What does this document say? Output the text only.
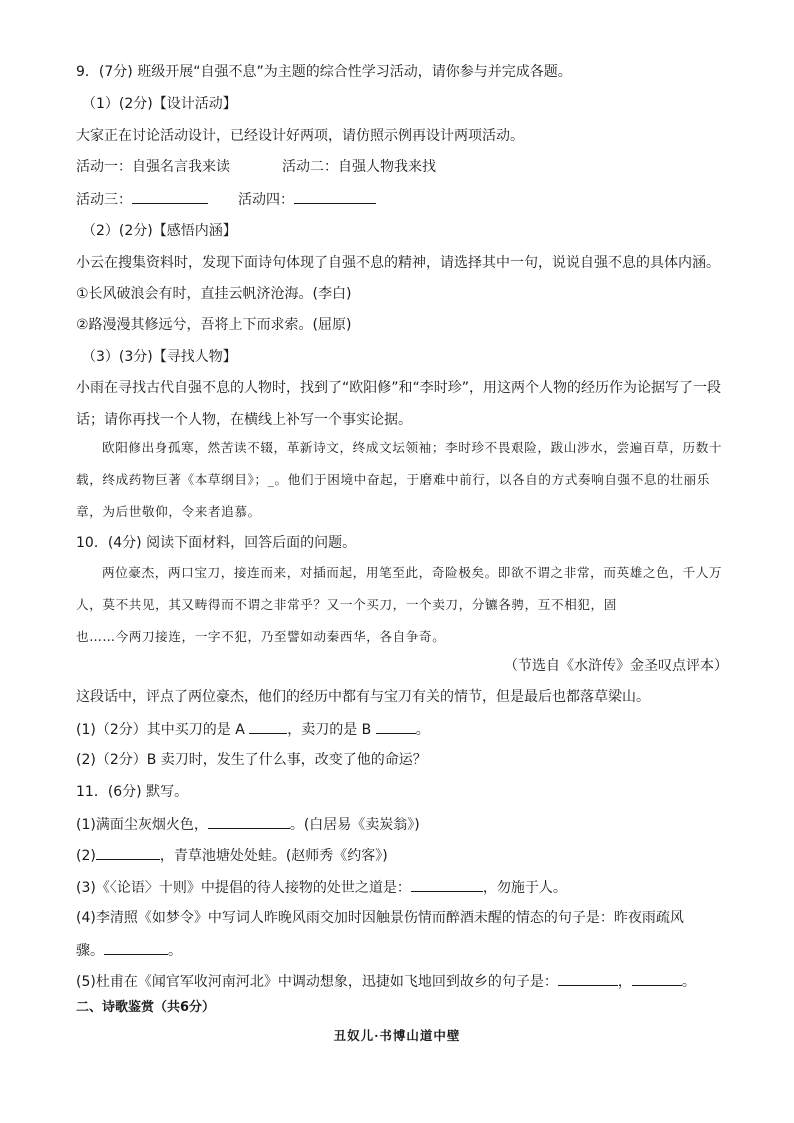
9．(7分) 班级开展“自强不息”为主题的综合性学习活动，请你参与并完成各题。
（1）(2分)【设计活动】
大家正在讨论活动设计，已经设计好两项，请仿照示例再设计两项活动。
活动一：自强名言我来读	活动二：自强人物我来找
活动三：	活动四：
（2）(2分)【感悟内涵】
小云在搜集资料时，发现下面诗句体现了自强不息的精神，请选择其中一句，说说自强不息的具体内涵。
①长风破浪会有时，直挂云帆济沧海。(李白)
②路漫漫其修远兮，吾将上下而求索。(屈原)
（3）(3分)【寻找人物】
小雨在寻找古代自强不息的人物时，找到了“欧阳修”和“李时珍”，用这两个人物的经历作为论据写了一段
话；请你再找一个人物，在横线上补写一个事实论据。

欧阳修出身孤寒，然苦读不辍，革新诗文，终成文坛领袖；李时珍不畏艰险，跋山涉水，尝遍百草，历数十载，终成药物巨著《本草纲目》；_。他们于困境中奋起，于磨难中前行，以各自的方式奏响自强不息的壮丽乐章，为后世敬仰，令来者追慕。

10．(4分) 阅读下面材料，回答后面的问题。

两位豪杰，两口宝刀，接连而来，对插而起，用笔至此，奇险极矣。即欲不谓之非常，而英雄之色，千人万人，莫不共见，其又畴得而不谓之非常乎？又一个买刀，一个卖刀，分镳各骋，互不相犯，固

也……今两刀接连，一字不犯，乃至譬如动秦西华，各自争奇。

（节选自《水浒传》金圣叹点评本）
这段话中，评点了两位豪杰，他们的经历中都有与宝刀有关的情节，但是最后也都落草梁山。
(1)（2分）其中买刀的是 A	，卖刀的是 B	。
(2)（2分）B 卖刀时，发生了什么事，改变了他的命运？
11．(6分) 默写。
(1)满面尘灰烟火色，	。(白居易《卖炭翁》)
(2)	，青草池塘处处蛙。(赵师秀《约客》)
(3)《〈论语〉十则》中提倡的待人接物的处世之道是：	，勿施于人。
(4)李清照《如梦令》中写词人昨晚风雨交加时因触景伤情而醉酒未醒的情态的句子是：昨夜雨疏风
骤。	。
(5)杜甫在《闻官军收河南河北》中调动想象，迅捷如飞地回到故乡的句子是：	，	。
二、诗歌鉴赏（共6分）
丑奴儿·书博山道中壁
